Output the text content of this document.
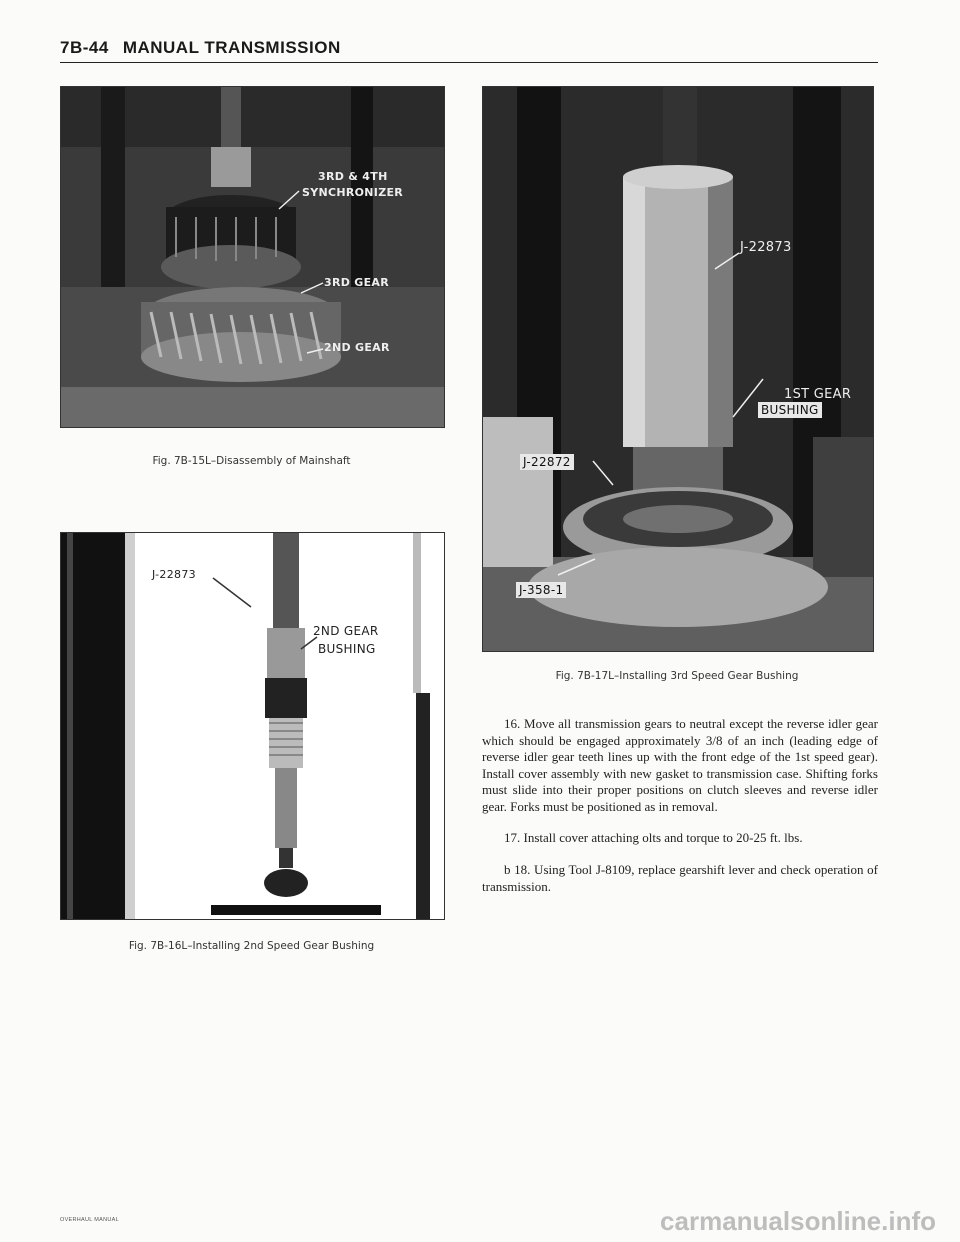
7B-44 MANUAL TRANSMISSION
3RD & 4TH
SYNCHRONIZER
3RD GEAR
2ND GEAR
Fig. 7B-15L–Disassembly of Mainshaft
J-22873
2ND GEAR
BUSHING
Fig. 7B-16L–Installing 2nd Speed Gear Bushing
J-22873
1ST GEAR
BUSHING
J-22872
J-358-1
Fig. 7B-17L–Installing 3rd Speed Gear Bushing

16. Move all transmission gears to neutral except the reverse idler gear which should be engaged approximately 3/8 of an inch (leading edge of reverse idler gear teeth lines up with the front edge of the 1st speed gear). Install cover assembly with new gasket to transmission case. Shifting forks must slide into their proper positions on clutch sleeves and reverse idler gear. Forks must be positioned as in removal.

17. Install cover attaching olts and torque to 20-25 ft. lbs.

b 18. Using Tool J-8109, replace gearshift lever and check operation of transmission.

OVERHAUL MANUAL	carmanualsonline.info
